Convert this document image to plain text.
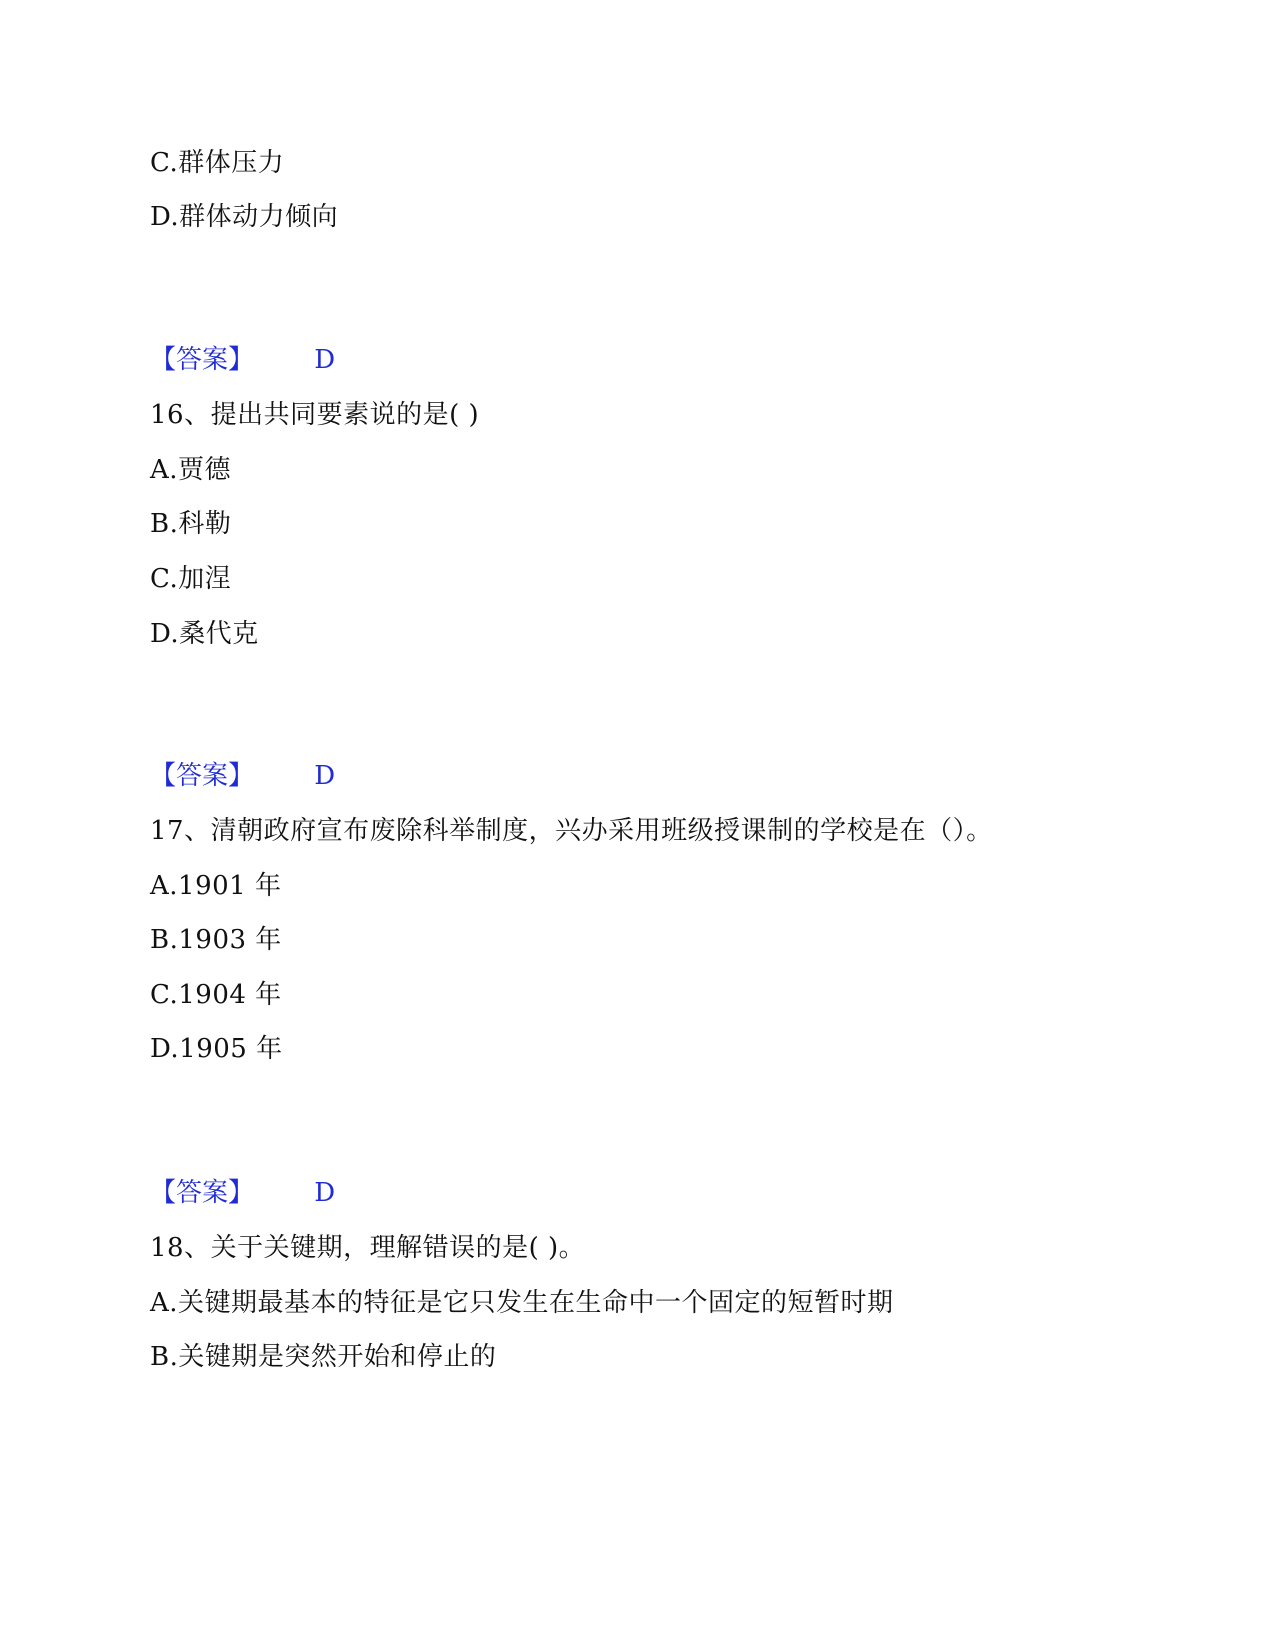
C.群体压力
D.群体动力倾向
【答案】 D
16、提出共同要素说的是( )
A.贾德
B.科勒
C.加涅
D.桑代克
【答案】 D
17、清朝政府宣布废除科举制度，兴办采用班级授课制的学校是在（）。
A.1901 年
B.1903 年
C.1904 年
D.1905 年
【答案】 D
18、关于关键期，理解错误的是( )。
A.关键期最基本的特征是它只发生在生命中一个固定的短暂时期
B.关键期是突然开始和停止的
